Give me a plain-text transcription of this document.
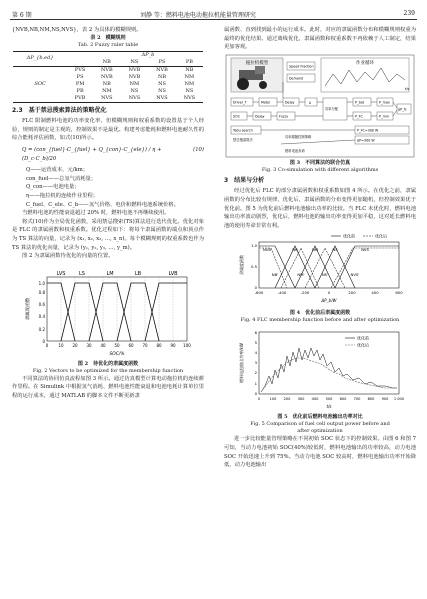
第 6 期	刘静 等：燃料电池电动拖拉机能量管理研究	239

{NVB,NB,NM,NS,NVS}，表 2 为具体的模糊规则。

表 2　模糊规则
Tab. 2 Fuzzy ruler table
ΔP_{b,ed}		ΔP_b			
		NB	NS	PS	PB
	PVS	NVB	NVB	NVB	NB
	PS	NVB	NVB	NB	NM
SOC	PM	NB	NM	NS	NM
	PB	NM	NS	NS	NS
	PVB	NVS	NVS	NVS	NVS
2.3　基于禁忌搜索算法的策略优化

FLC 限制燃料电池的功率变化率，但模糊规则和权重系数的设置基于个人经验，规则的制定是主观的，控制效果不是最优。构建考虑能耗和燃料电池耐久性的综合能耗评估函数，如式(10)所示。

Q = (con_{fuel}·C_{fuel} + Q_{con}·C_{ele}) / η + (D_c·C_b)/20
(10)
Q——运营成本，元/km；
con_fuel——总氢气消耗量；
Q_con——电池电量；
η——拖拉机的连续作业里程；
C_fuel、C_ele、C_b——氢气价格、电价和燃料电池系统价格。

当燃料电池的性能衰退超过 20% 时，燃料电池不再继续使用。

将式(10)作为全局优化函数，采用禁忌搜索(TS)算法进行迭代优化。优化对象是 FLC 的隶属函数和权重系数。优化过程如下：将每个隶属函数的端点和顶点作为 TS 算法的向量，记录为 (x₁, x₂, x₃, …, x_n)。每个模糊规则的权重系数也作为 TS 算法的优化向量，记录为 (y₁, y₂, y₃, …, y_m)。

图 2 为隶属函数待优化的向量的位置。

LVS	LS	LM	LB	LVB
隶属度函数
0
0.2
0.4
0.6
0.8
1.0
0	10 20 30 40 50 60 70 80 90 100
SOC/%
图 2　待优化的隶属度函数
Fig. 2 Vectors to be optimized for the membership function

不同算法的协同仿真流程如图 3 所示。通过仿真模型计算电动拖拉机的连续耕作里程。在 Simulink 中根据氢气消耗、燃料电池性能衰退和电池电耗计算单位里程的运行成本，通过 MATLAB 的脚本文件不断更新隶

属函数、直到找到最小的运行成本。此时，对应的隶属函数分布和模糊规则权重为最终的优化结果。通过离线优化，隶属函数和权重系数不再依赖于人工制定，结果更加客观。

拖拉机模型	作业循环
t/s
Speed Fraction
Demand
Driver_T	Motor	Delay	μ
SOC	Delay	Fuzzy
功率分配
P_bat
P_FC
P_max
P_min
ΔP_fc
P_FC=300 W
ΔP=300 W
Tabu search
禁忌搜索算法
功率跟随控制策略
燃料电池寿命
图 3　不同算法的联合仿真
Fig. 3 Co-simulation with different algorithms
3　结果与分析

经过优化后 FLC 的部分隶属函数和权重系数如图 4 所示。在优化之前，隶属函数的分布比较有规律，优化后，隶属函数的分布变得更加随机，但控制效果优于优化前。图 5 为优化前后燃料电池输出功率的比较。当 FLC 未优化时，燃料电池输出功率波动剧烈，优化后，燃料电池的输出功率变得更加平稳，这对延长燃料电池的使用寿命非常有利。

优化前	优化后
NVB	NB	NM	NS	NVS
NB'	NM'	NS'	NVS'
隶属度函数
0
0.5
1.0
-600	-400	-200	0	200	400	600
ΔP_b/W
图 4　优化前后隶属度函数
Fig. 4 FLC membership function before and after optimization
优化前
优化后
燃料电池输出功率/kW
0
1
2
3
4
5
6
0	100 200 300 400 500 600 700 800 900 1 000
t/s
图 5　优化前后燃料电池输出功率对比
Fig. 5 Comparison of fuel cell output power before and
after optimization

进一步比较能量管理策略在不同初始 SOC 状态下的控制效果。由图 6 和图 7 可知，当动力电池初始 SOC(40%)较低时，燃料电池输出的功率较高，动力电池 SOC 开始迅速上升到 75%。当动力电池 SOC 较高时，燃料电池输出功率开始降低，动力电池输出
